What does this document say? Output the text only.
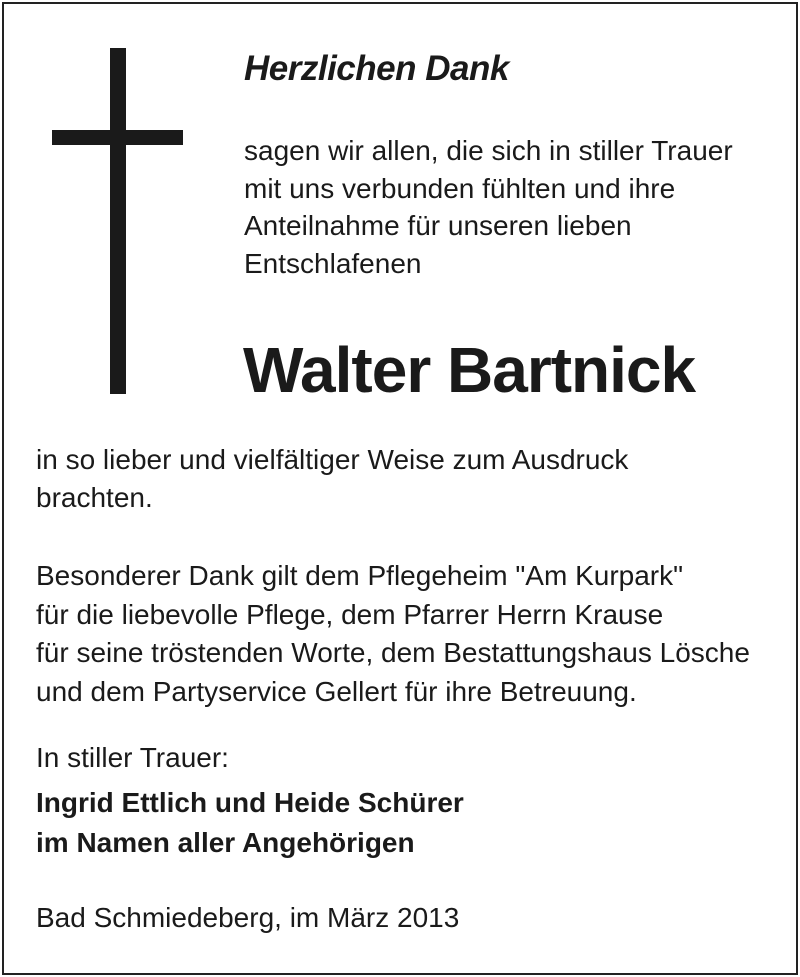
Herzlichen Dank
sagen wir allen, die sich in stiller Trauer
mit uns verbunden fühlten und ihre
Anteilnahme für unseren lieben
Entschlafenen
Walter Bartnick
in so lieber und vielfältiger Weise zum Ausdruck
brachten.
Besonderer Dank gilt dem Pflegeheim "Am Kurpark"
für die liebevolle Pflege, dem Pfarrer Herrn Krause
für seine tröstenden Worte, dem Bestattungshaus Lösche
und dem Partyservice Gellert für ihre Betreuung.
In stiller Trauer:
Ingrid Ettlich und Heide Schürer
im Namen aller Angehörigen
Bad Schmiedeberg, im März 2013
